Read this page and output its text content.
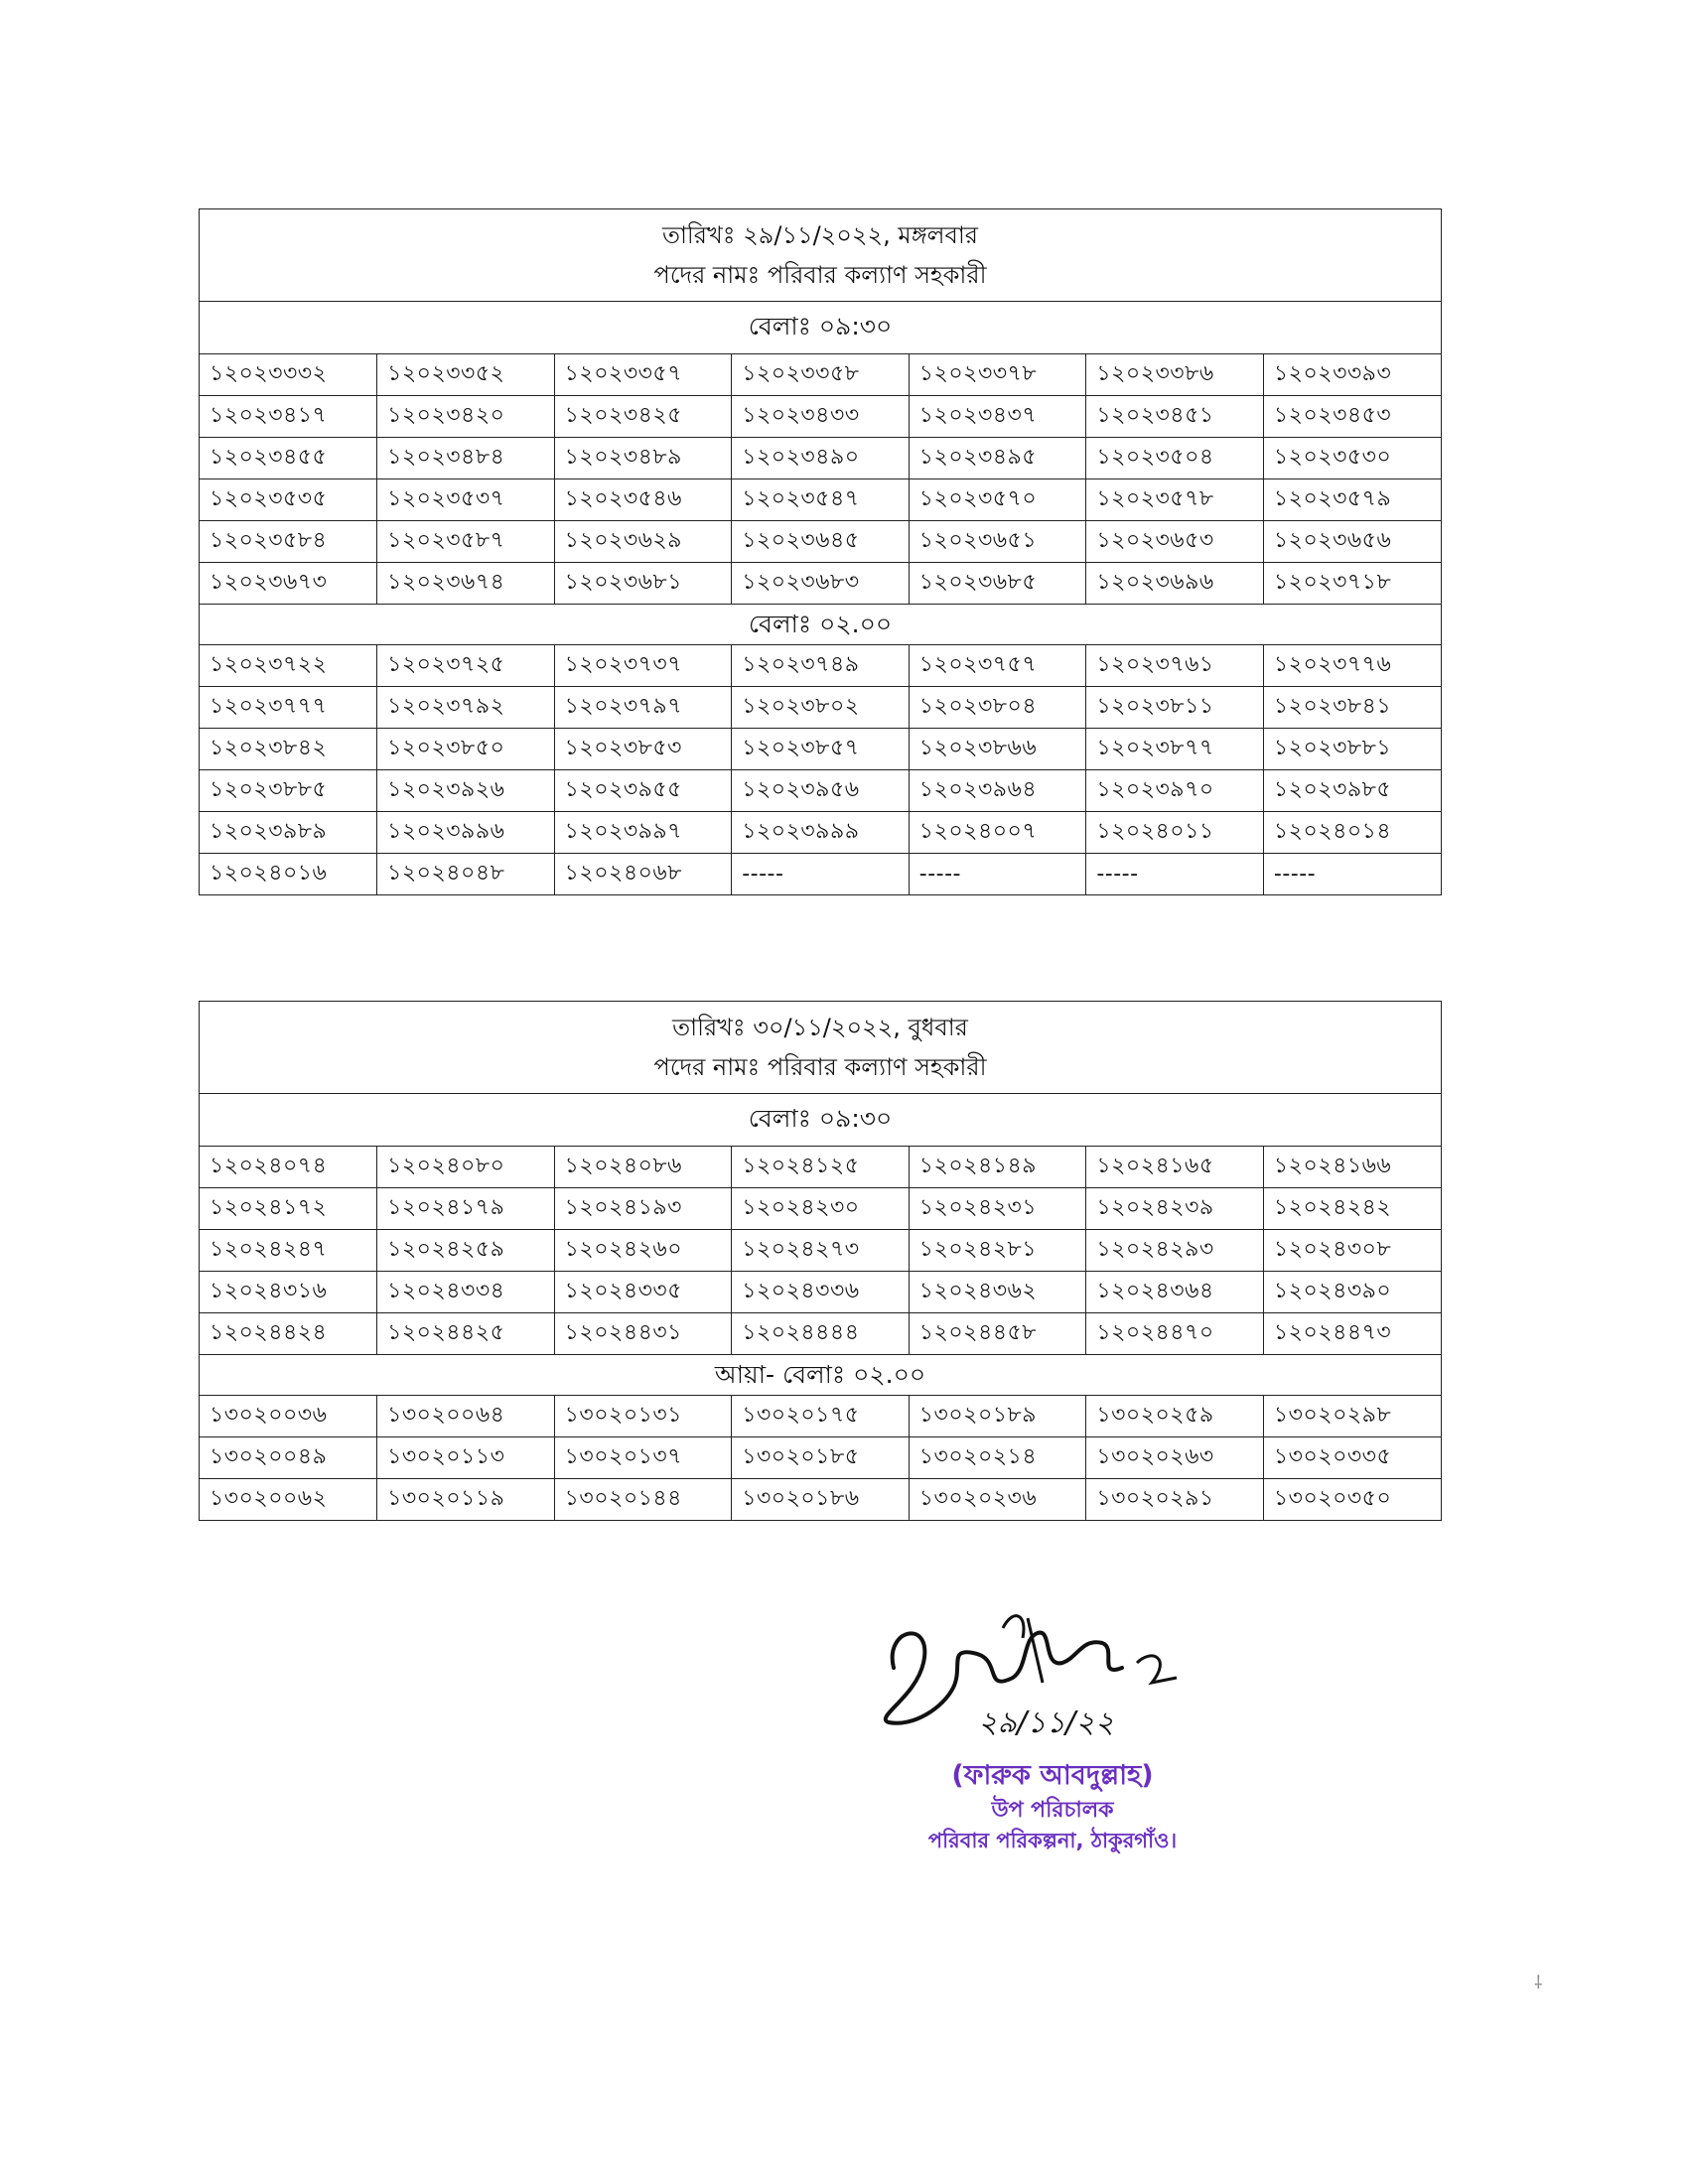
তারিখঃ ২৯/১১/২০২২, মঙ্গলবার
পদের নামঃ পরিবার কল্যাণ সহকারী
বেলাঃ ০৯:৩০
১২০২৩৩৩২	১২০২৩৩৫২	১২০২৩৩৫৭	১২০২৩৩৫৮	১২০২৩৩৭৮	১২০২৩৩৮৬	১২০২৩৩৯৩
১২০২৩৪১৭	১২০২৩৪২০	১২০২৩৪২৫	১২০২৩৪৩৩	১২০২৩৪৩৭	১২০২৩৪৫১	১২০২৩৪৫৩
১২০২৩৪৫৫	১২০২৩৪৮৪	১২০২৩৪৮৯	১২০২৩৪৯০	১২০২৩৪৯৫	১২০২৩৫০৪	১২০২৩৫৩০
১২০২৩৫৩৫	১২০২৩৫৩৭	১২০২৩৫৪৬	১২০২৩৫৪৭	১২০২৩৫৭০	১২০২৩৫৭৮	১২০২৩৫৭৯
১২০২৩৫৮৪	১২০২৩৫৮৭	১২০২৩৬২৯	১২০২৩৬৪৫	১২০২৩৬৫১	১২০২৩৬৫৩	১২০২৩৬৫৬
১২০২৩৬৭৩	১২০২৩৬৭৪	১২০২৩৬৮১	১২০২৩৬৮৩	১২০২৩৬৮৫	১২০২৩৬৯৬	১২০২৩৭১৮
বেলাঃ ০২.০০
১২০২৩৭২২	১২০২৩৭২৫	১২০২৩৭৩৭	১২০২৩৭৪৯	১২০২৩৭৫৭	১২০২৩৭৬১	১২০২৩৭৭৬
১২০২৩৭৭৭	১২০২৩৭৯২	১২০২৩৭৯৭	১২০২৩৮০২	১২০২৩৮০৪	১২০২৩৮১১	১২০২৩৮৪১
১২০২৩৮৪২	১২০২৩৮৫০	১২০২৩৮৫৩	১২০২৩৮৫৭	১২০২৩৮৬৬	১২০২৩৮৭৭	১২০২৩৮৮১
১২০২৩৮৮৫	১২০২৩৯২৬	১২০২৩৯৫৫	১২০২৩৯৫৬	১২০২৩৯৬৪	১২০২৩৯৭০	১২০২৩৯৮৫
১২০২৩৯৮৯	১২০২৩৯৯৬	১২০২৩৯৯৭	১২০২৩৯৯৯	১২০২৪০০৭	১২০২৪০১১	১২০২৪০১৪
১২০২৪০১৬	১২০২৪০৪৮	১২০২৪০৬৮	-----	-----	-----	-----
তারিখঃ ৩০/১১/২০২২, বুধবার
পদের নামঃ পরিবার কল্যাণ সহকারী
বেলাঃ ০৯:৩০
১২০২৪০৭৪	১২০২৪০৮০	১২০২৪০৮৬	১২০২৪১২৫	১২০২৪১৪৯	১২০২৪১৬৫	১২০২৪১৬৬
১২০২৪১৭২	১২০২৪১৭৯	১২০২৪১৯৩	১২০২৪২৩০	১২০২৪২৩১	১২০২৪২৩৯	১২০২৪২৪২
১২০২৪২৪৭	১২০২৪২৫৯	১২০২৪২৬০	১২০২৪২৭৩	১২০২৪২৮১	১২০২৪২৯৩	১২০২৪৩০৮
১২০২৪৩১৬	১২০২৪৩৩৪	১২০২৪৩৩৫	১২০২৪৩৩৬	১২০২৪৩৬২	১২০২৪৩৬৪	১২০২৪৩৯০
১২০২৪৪২৪	১২০২৪৪২৫	১২০২৪৪৩১	১২০২৪৪৪৪	১২০২৪৪৫৮	১২০২৪৪৭০	১২০২৪৪৭৩
আয়া- বেলাঃ ০২.০০
১৩০২০০৩৬	১৩০২০০৬৪	১৩০২০১৩১	১৩০২০১৭৫	১৩০২০১৮৯	১৩০২০২৫৯	১৩০২০২৯৮
১৩০২০০৪৯	১৩০২০১১৩	১৩০২০১৩৭	১৩০২০১৮৫	১৩০২০২১৪	১৩০২০২৬৩	১৩০২০৩৩৫
১৩০২০০৬২	১৩০২০১১৯	১৩০২০১৪৪	১৩০২০১৮৬	১৩০২০২৩৬	১৩০২০২৯১	১৩০২০৩৫০
২৯/১১/২২
(ফারুক আবদুল্লাহ)
উপ পরিচালক
পরিবার পরিকল্পনা, ঠাকুরগাঁও।
⸸
